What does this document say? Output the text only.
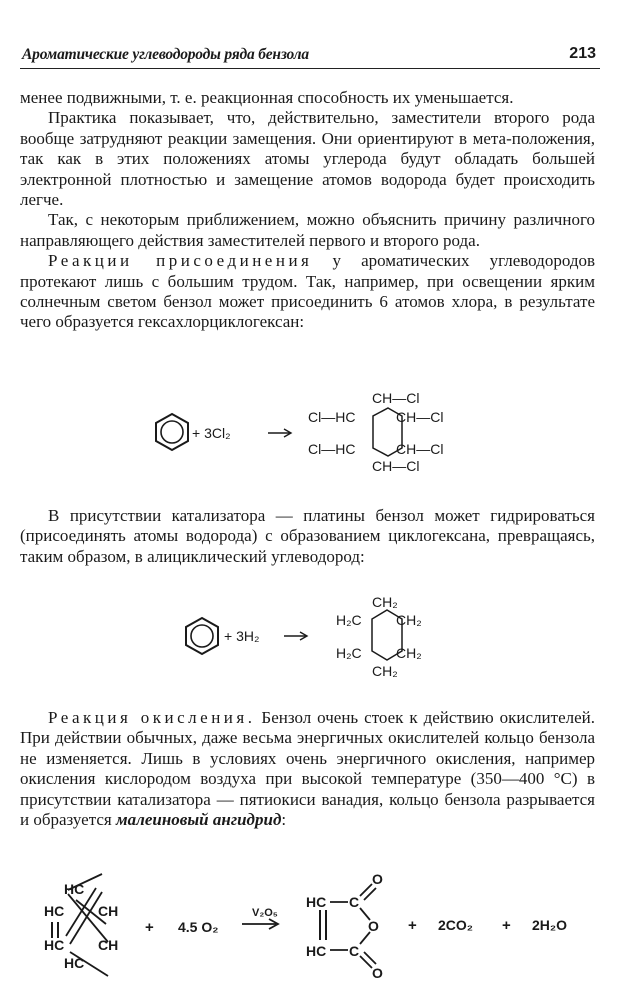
Ароматические углеводороды ряда бензола	213

менее подвижными, т. е. реакционная способность их уменьшается.

Практика показывает, что, действительно, заместители второго рода вообще затрудняют реакции замещения. Они ориентируют в мета-положения, так как в этих положениях атомы углерода будут обладать большей электронной плотностью и замещение атомов водорода будет происходить легче.

Так, с некоторым приближением, можно объяснить причину различного направляющего действия заместителей первого и второго рода.

Реакции присоединения у ароматических углеводородов протекают лишь с большим трудом. Так, например, при освещении ярким солнечным светом бензол может присоединить 6 атомов хлора, в результате чего образуется гексахлорциклогексан:

+ 3Cl₂
CH—Cl
Cl—HC	CH—Cl
Cl—HC	CH—Cl
CH—Cl

В присутствии катализатора — платины бензол может гидрироваться (присоединять атомы водорода) с образованием циклогексана, превращаясь, таким образом, в алициклический углеводород:

+ 3H₂
CH₂
H₂C CH₂
H₂C CH₂
CH₂

Реакция окисления. Бензол очень стоек к действию окислителей. При действии обычных, даже весьма энергичных окислителей кольцо бензола не изменяется. Лишь в условиях очень энергичного окисления, например окисления кислородом воздуха при высокой температуре (350—400 °С) в присутствии катализатора — пятиокиси ванадия, кольцо бензола разрывается и образуется малеиновый ангидрид:

HC
HC CH
HC CH
HC
+ 4.5 O₂
V₂O₅
HC C
O
O
HC C
O
+ 2CO₂ + 2H₂O
